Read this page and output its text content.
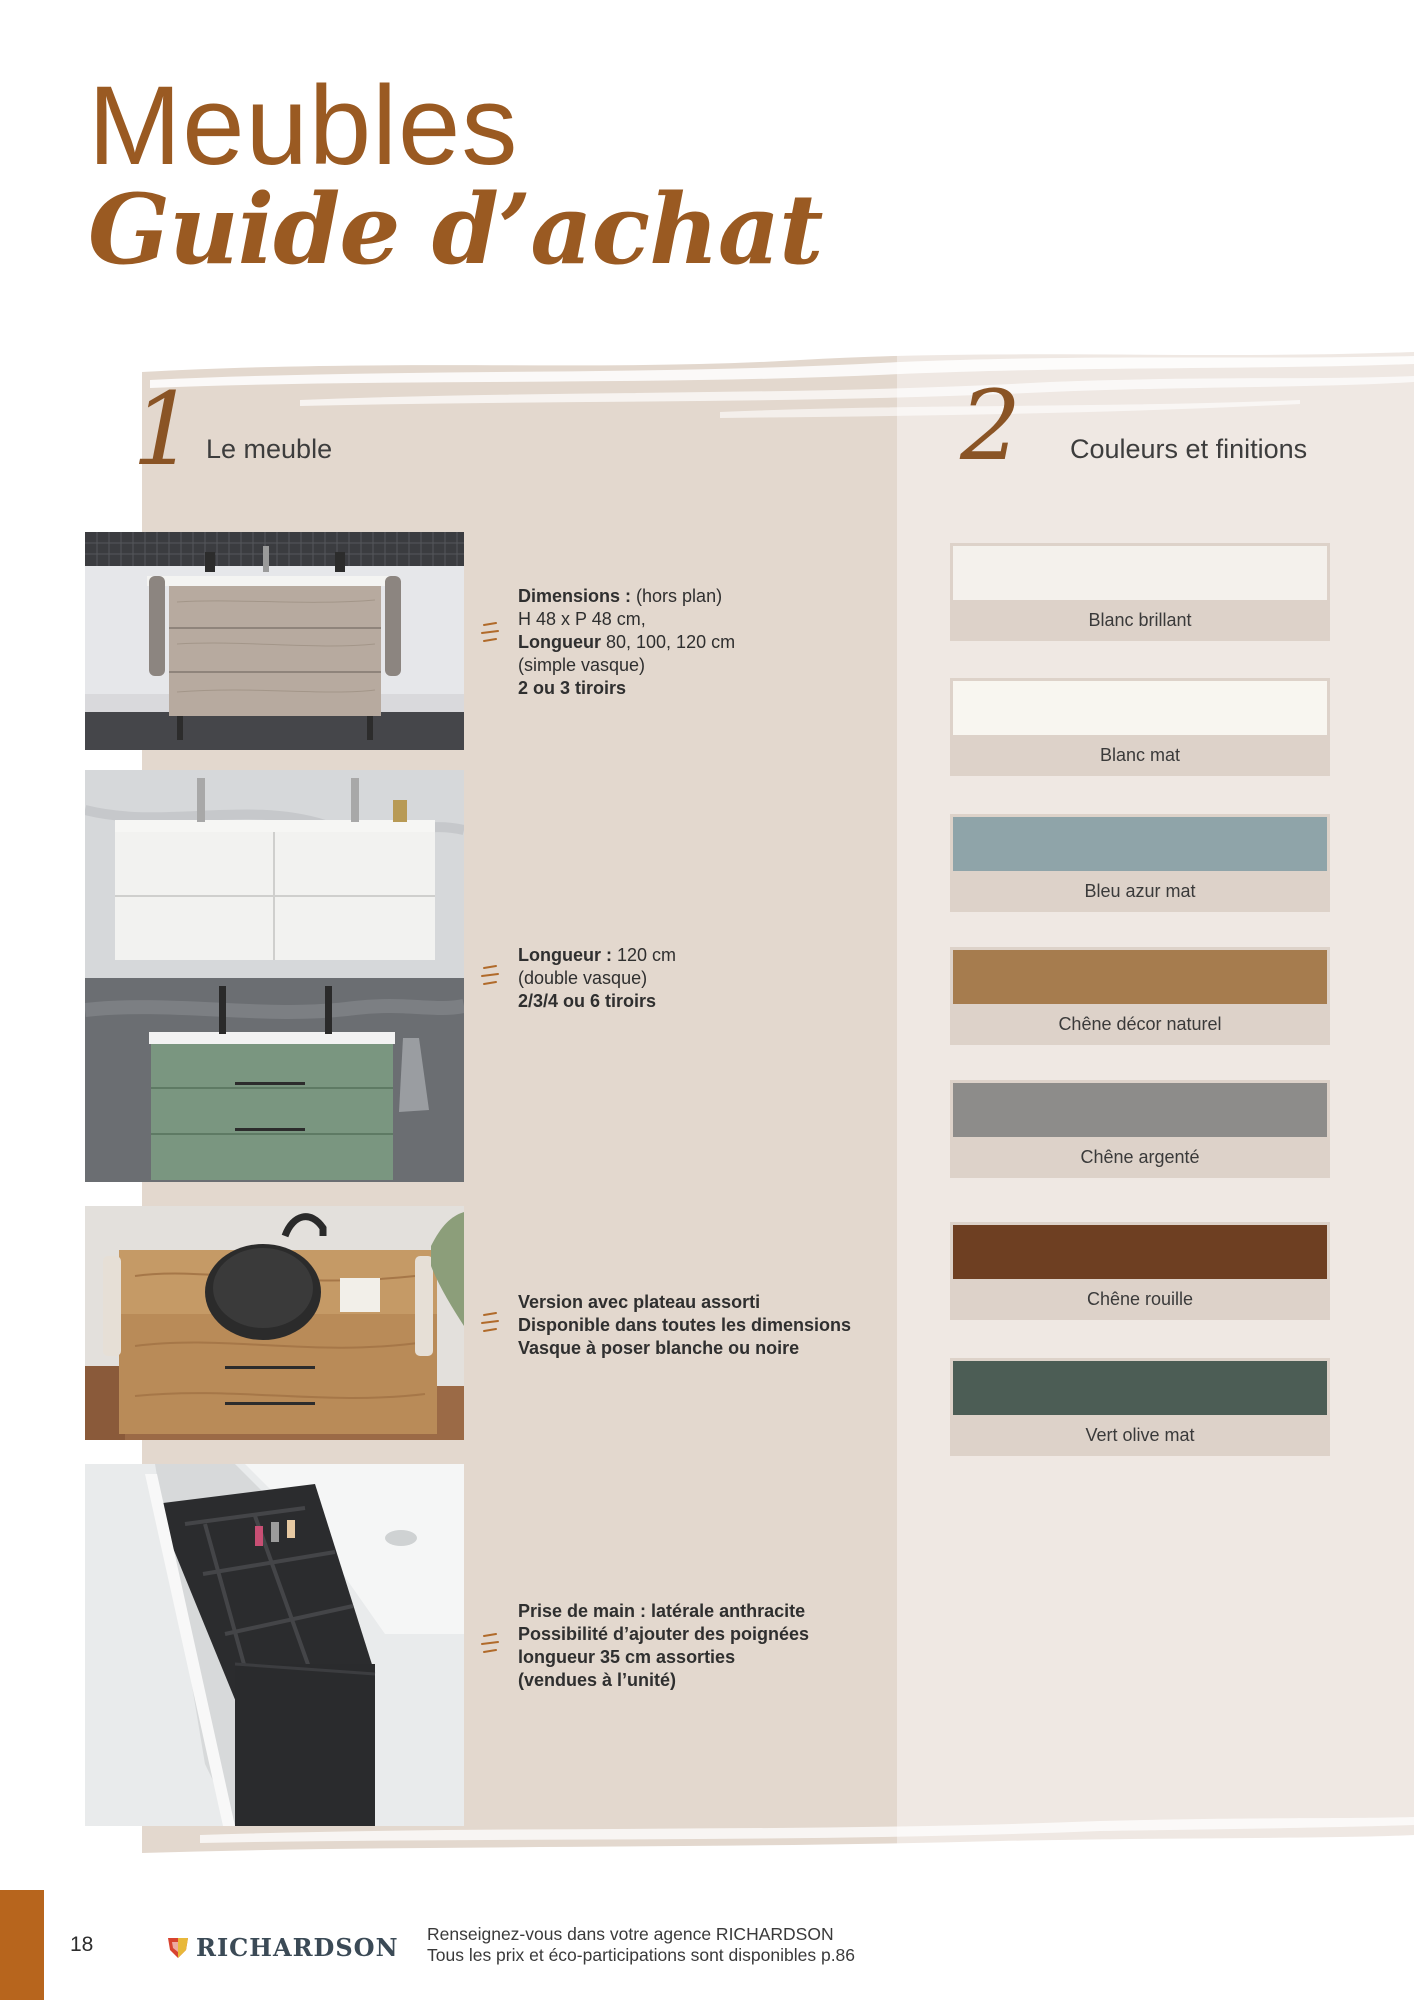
Meubles
Guide d’achat
1 Le meuble	2 Couleurs et finitions
Dimensions : (hors plan)
H 48 x P 48 cm,
Longueur 80, 100, 120 cm
(simple vasque)
2 ou 3 tiroirs
Longueur : 120 cm
(double vasque)
2/3/4 ou 6 tiroirs
Version avec plateau assorti
Disponible dans toutes les dimensions
Vasque à poser blanche ou noire
Prise de main : latérale anthracite
Possibilité d’ajouter des poignées
longueur 35 cm assorties
(vendues à l’unité)
Blanc brillant
Blanc mat
Bleu azur mat
Chêne décor naturel
Chêne argenté
Chêne rouille
Vert olive mat
18	RICHARDSON Renseignez-vous dans votre agence RICHARDSON
Tous les prix et éco-participations sont disponibles p.86
